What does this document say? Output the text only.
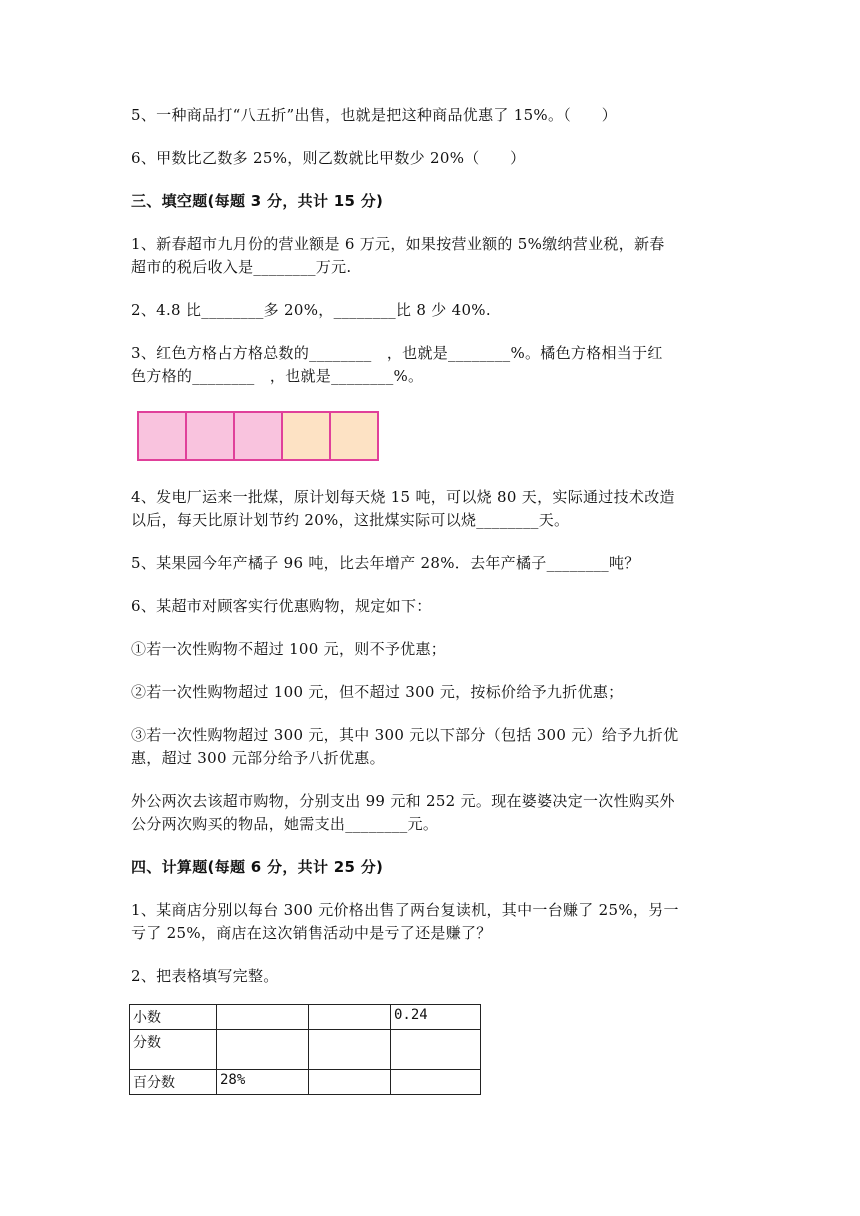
5、一种商品打“八五折”出售，也就是把这种商品优惠了 15%。（　　）
6、甲数比乙数多 25%，则乙数就比甲数少 20%（　　）
三、填空题(每题 3 分，共计 15 分)
1、新春超市九月份的营业额是 6 万元，如果按营业额的 5%缴纳营业税，新春
超市的税后收入是________万元.
2、4.8 比________多 20%，________比 8 少 40%.
3、红色方格占方格总数的________　，也就是________%。橘色方格相当于红
色方格的________　，也就是________%。
4、发电厂运来一批煤，原计划每天烧 15 吨，可以烧 80 天，实际通过技术改造
以后，每天比原计划节约 20%，这批煤实际可以烧________天。
5、某果园今年产橘子 96 吨，比去年增产 28%．去年产橘子________吨？
6、某超市对顾客实行优惠购物，规定如下：
①若一次性购物不超过 100 元，则不予优惠；
②若一次性购物超过 100 元，但不超过 300 元，按标价给予九折优惠；
③若一次性购物超过 300 元，其中 300 元以下部分（包括 300 元）给予九折优
惠，超过 300 元部分给予八折优惠。
外公两次去该超市购物，分别支出 99 元和 252 元。现在婆婆决定一次性购买外
公分两次购买的物品，她需支出________元。
四、计算题(每题 6 分，共计 25 分)
1、某商店分别以每台 300 元价格出售了两台复读机，其中一台赚了 25%，另一
亏了 25%，商店在这次销售活动中是亏了还是赚了？
2、把表格填写完整。
小数			0.24
分数			
百分数	28%		
